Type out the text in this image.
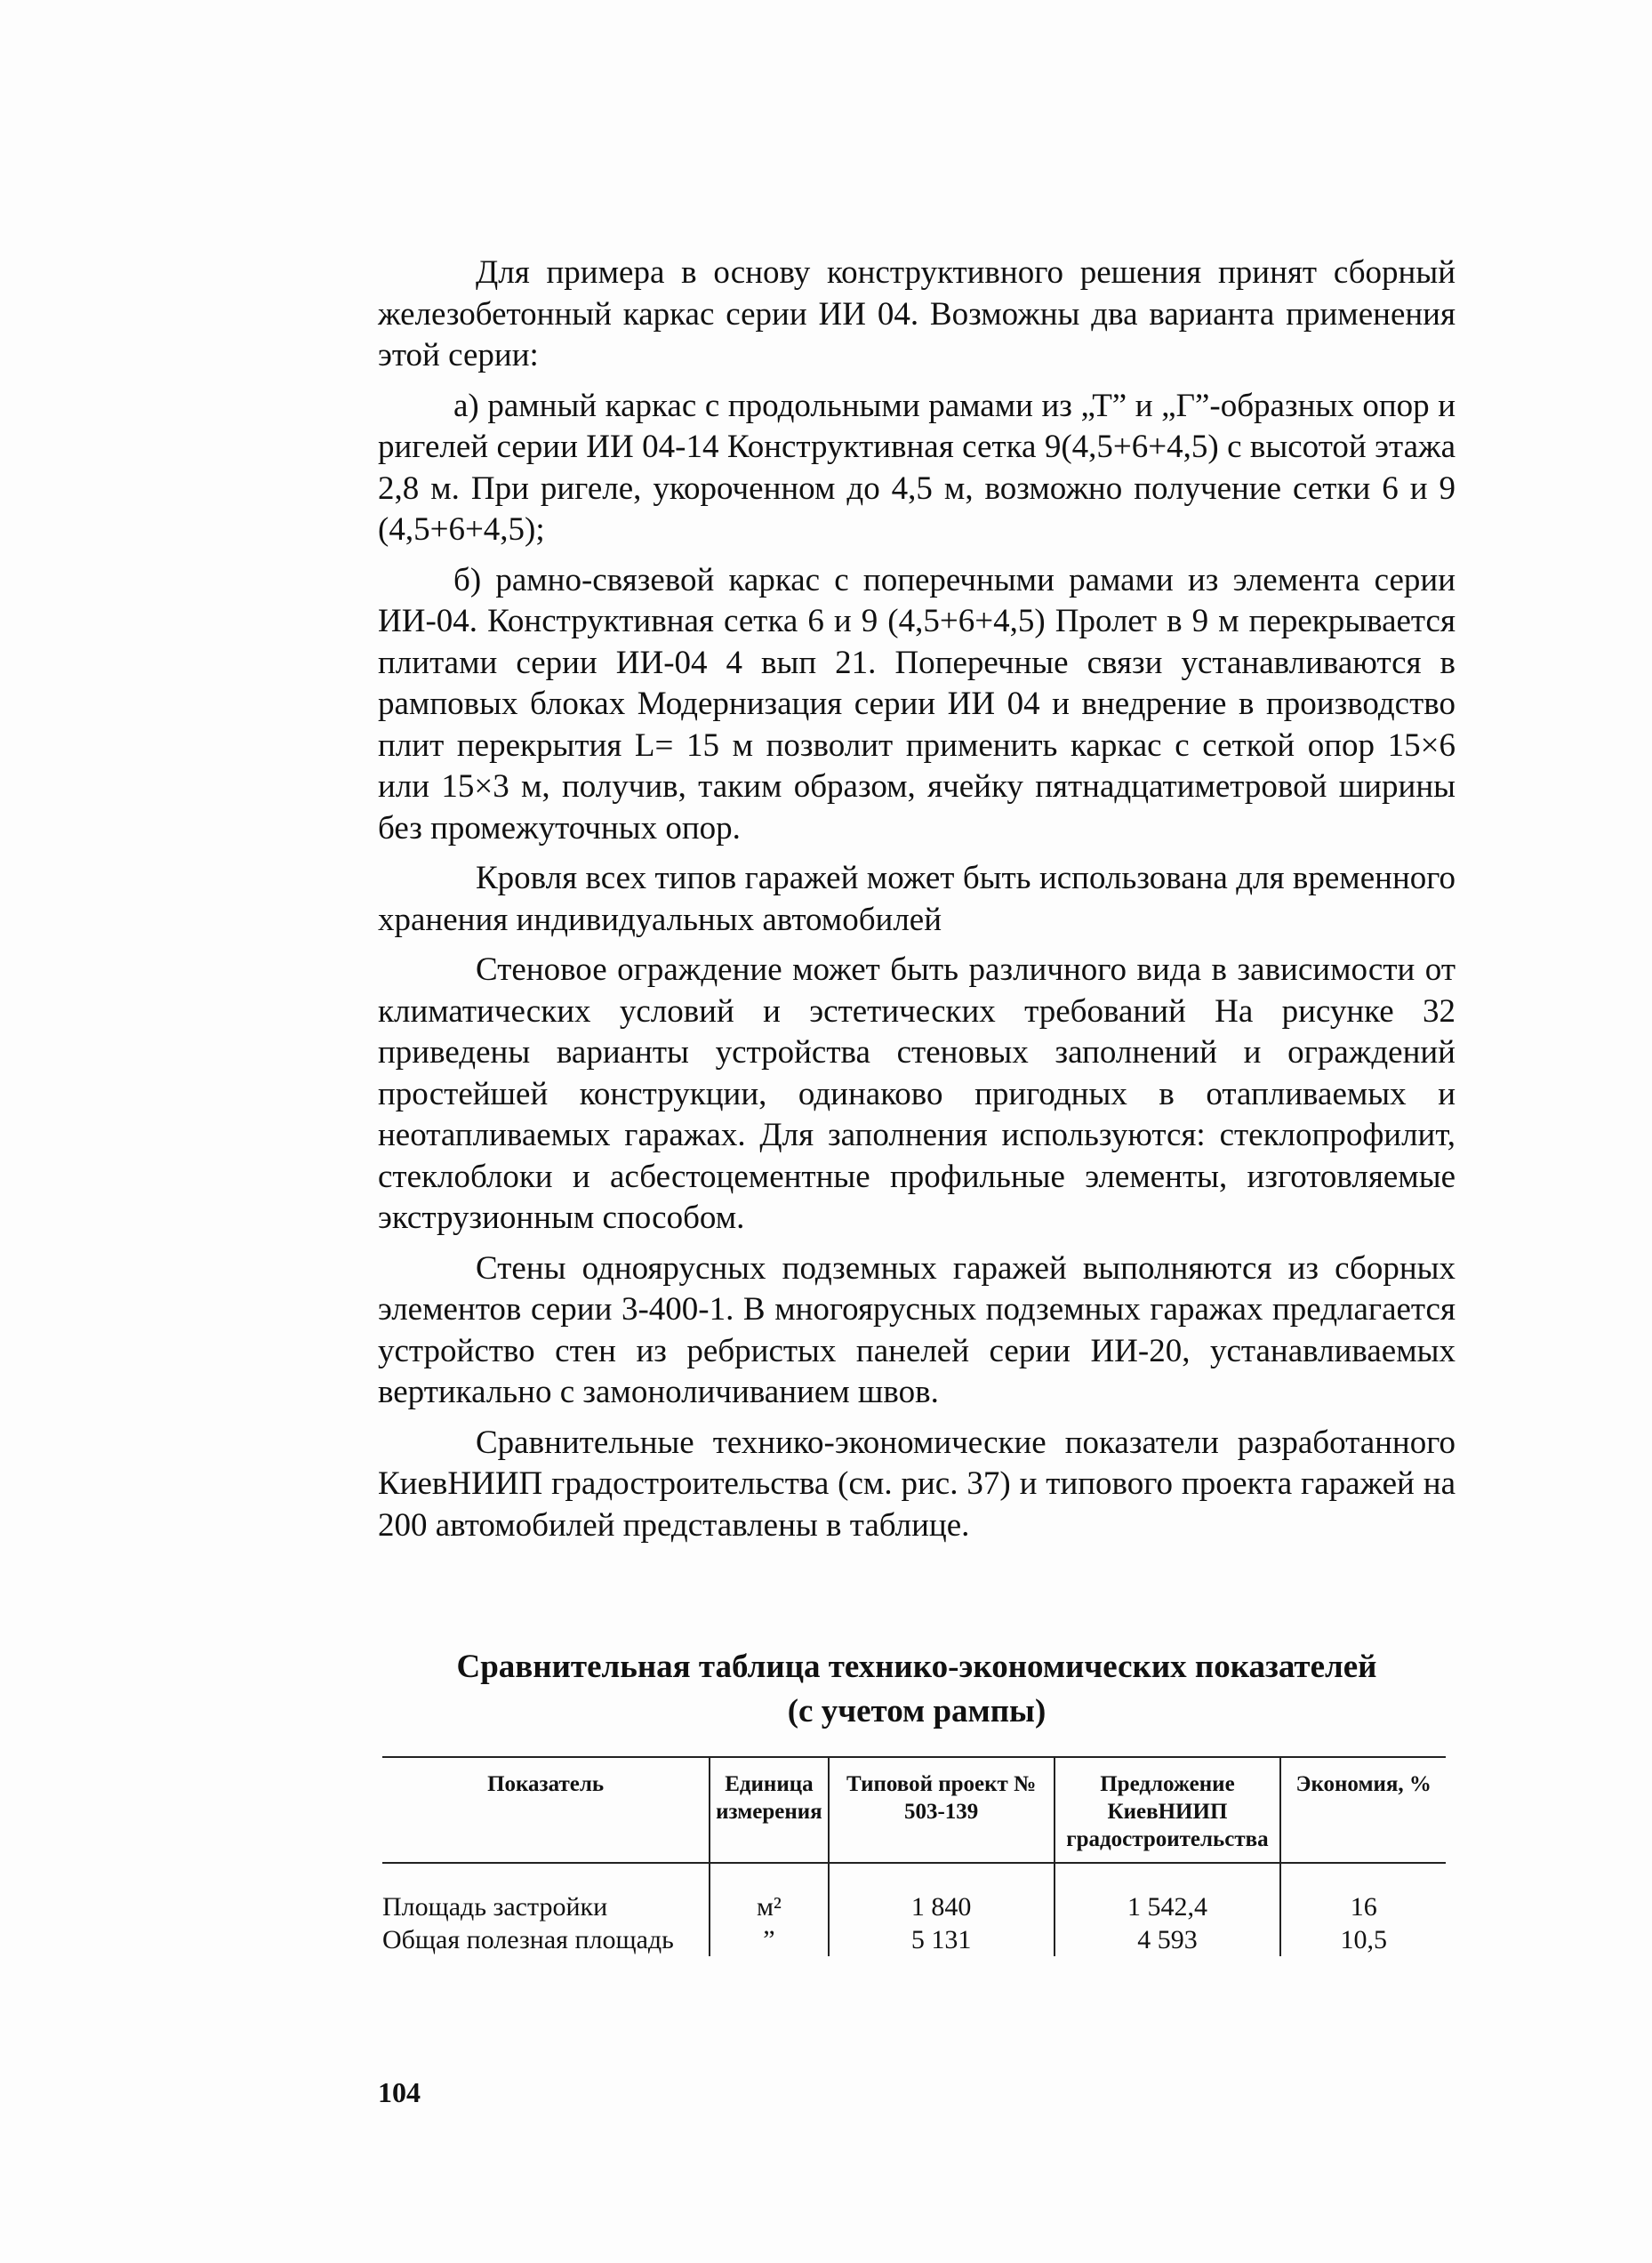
Для примера в основу конструктивного решения принят сборный железобетонный каркас серии ИИ 04. Возможны два варианта применения этой серии:

а) рамный каркас с продольными рамами из „Т” и „Г”-образных опор и ригелей серии ИИ 04-14 Конструктивная сетка 9(4,5+6+4,5) с высотой этажа 2,8 м. При ригеле, укороченном до 4,5 м, возможно получение сетки 6 и 9 (4,5+6+4,5);

б) рамно-связевой каркас с поперечными рамами из элемента серии ИИ-04. Конструктивная сетка 6 и 9 (4,5+6+4,5) Пролет в 9 м перекрывается плитами серии ИИ-04 4 вып 21. Поперечные связи устанавливаются в рамповых блоках Модернизация серии ИИ 04 и внедрение в производство плит перекрытия L= 15 м позволит применить каркас с сеткой опор 15×6 или 15×3 м, получив, таким образом, ячейку пятнадцатиметровой ширины без промежуточных опор.

Кровля всех типов гаражей может быть использована для временного хранения индивидуальных автомобилей

Стеновое ограждение может быть различного вида в зависимости от климатических условий и эстетических требований На рисунке 32 приведены варианты устройства стеновых заполнений и ограждений простейшей конструкции, одинаково пригодных в отапливаемых и неотапливаемых гаражах. Для заполнения используются: стеклопрофилит, стеклоблоки и асбестоцементные профильные элементы, изготовляемые экструзионным способом.

Стены одноярусных подземных гаражей выполняются из сборных элементов серии 3-400-1. В многоярусных подземных гаражах предлагается устройство стен из ребристых панелей серии ИИ-20, устанавливаемых вертикально с замоноличиванием швов.

Сравнительные технико-экономические показатели разработанного КиевНИИП градостроительства (см. рис. 37) и типового проекта гаражей на 200 автомобилей представлены в таблице.

Сравнительная таблица технико-экономических показателей
(с учетом рампы)
Показатель	Единица измерения	Типовой проект № 503-139	Предложение КиевНИИП градостроительства	Экономия, %
Площадь застройки	м²	1 840	1 542,4	16
Общая полезная площадь	”	5 131	4 593	10,5
104
